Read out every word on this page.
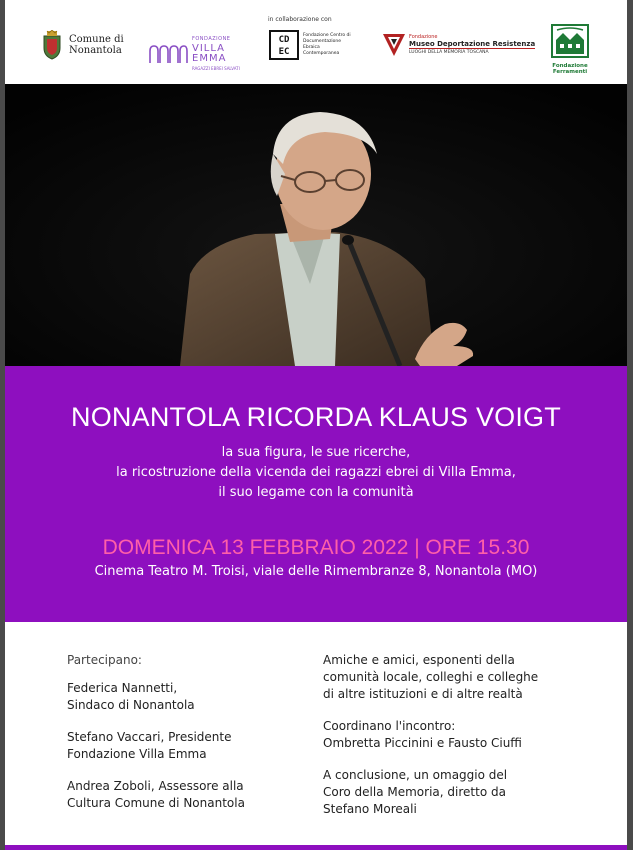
in collaborazione con
Comune di
Nonantola
FONDAZIONE
VILLA
EMMA
RAGAZZI EBREI SALVATI
CD
EC
Fondazione Centro di Documentazione Ebraica Contemporanea
Fondazione
Museo Deportazione Resistenza
LUOGHI DELLA MEMORIA TOSCANA
Fondazione
Ferramenti
NONANTOLA RICORDA KLAUS VOIGT
la sua figura, le sue ricerche,
la ricostruzione della vicenda dei ragazzi ebrei di Villa Emma,
il suo legame con la comunità
DOMENICA 13 FEBBRAIO 2022 | ORE 15.30
Cinema Teatro M. Troisi, viale delle Rimembranze 8, Nonantola (MO)
Partecipano:
Federica Nannetti,
Sindaco di Nonantola
Stefano Vaccari, Presidente
Fondazione Villa Emma
Andrea Zoboli, Assessore alla
Cultura Comune di Nonantola
Amiche e amici, esponenti della
comunità locale, colleghi e colleghe
di altre istituzioni e di altre realtà
Coordinano l'incontro:
Ombretta Piccinini e Fausto Ciuffi
A conclusione, un omaggio del
Coro della Memoria, diretto da
Stefano Moreali
